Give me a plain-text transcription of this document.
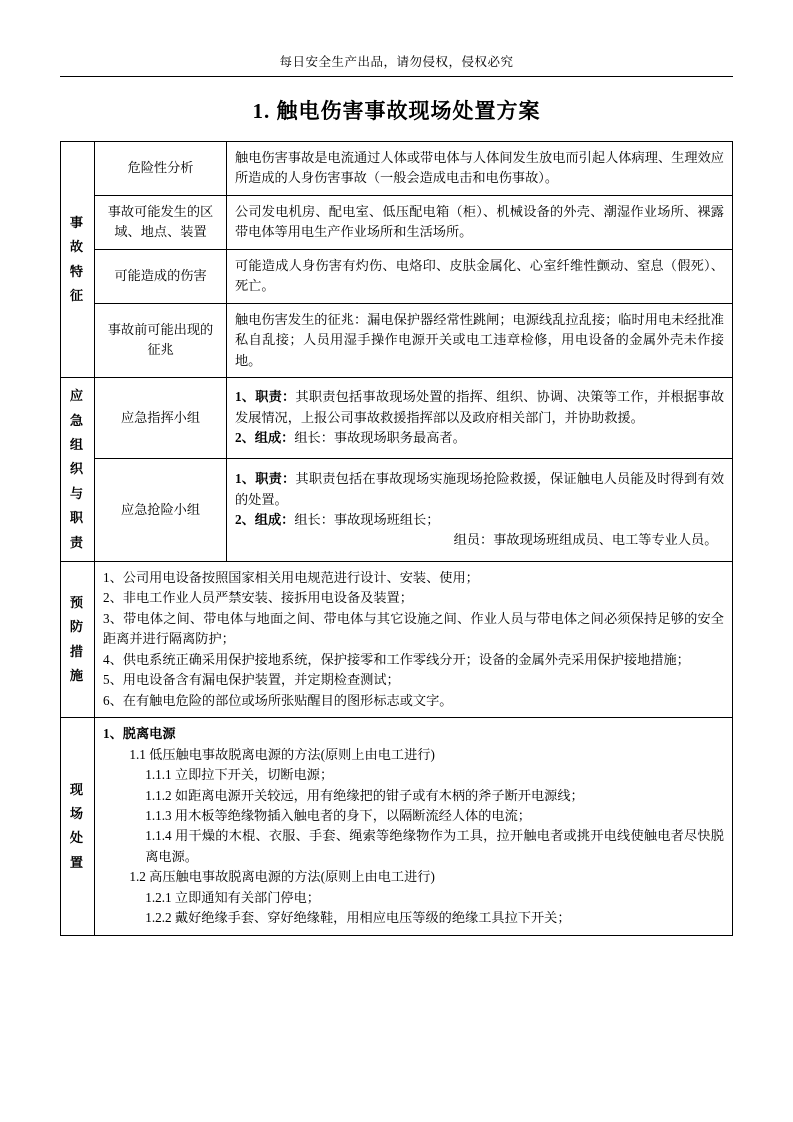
每日安全生产出品，请勿侵权，侵权必究
1. 触电伤害事故现场处置方案
事故特征	危险性分析	触电伤害事故是电流通过人体或带电体与人体间发生放电而引起人体病理、生理效应所造成的人身伤害事故（一般会造成电击和电伤事故）。
	事故可能发生的区域、地点、装置	公司发电机房、配电室、低压配电箱（柜）、机械设备的外壳、潮湿作业场所、裸露带电体等用电生产作业场所和生活场所。
	可能造成的伤害	可能造成人身伤害有灼伤、电烙印、皮肤金属化、心室纤维性颤动、窒息（假死）、死亡。
	事故前可能出现的征兆	触电伤害发生的征兆：漏电保护器经常性跳闸；电源线乱拉乱接；临时用电未经批准私自乱接；人员用湿手操作电源开关或电工违章检修，用电设备的金属外壳未作接地。

应急组织与职责	应急指挥小组	1、职责：其职责包括事故现场处置的指挥、组织、协调、决策等工作，并根据事故发展情况，上报公司事故救援指挥部以及政府相关部门，并协助救援。

2、组成：组长：事故现场职务最高者。

	应急抢险小组	1、职责：其职责包括在事故现场实施现场抢险救援，保证触电人员能及时得到有效的处置。

2、组成：组长：事故现场班组长；

组员：事故现场班组成员、电工等专业人员。

预防措施

1、公司用电设备按照国家相关用电规范进行设计、安装、使用；

2、非电工作业人员严禁安装、接拆用电设备及装置；

3、带电体之间、带电体与地面之间、带电体与其它设施之间、作业人员与带电体之间必须保持足够的安全距离并进行隔离防护；

4、供电系统正确采用保护接地系统，保护接零和工作零线分开；设备的金属外壳采用保护接地措施；

5、用电设备含有漏电保护装置，并定期检查测试；

6、在有触电危险的部位或场所张贴醒目的图形标志或文字。

现场处置

1、脱离电源

1.1 低压触电事故脱离电源的方法(原则上由电工进行)

1.1.1 立即拉下开关，切断电源；

1.1.2 如距离电源开关较远，用有绝缘把的钳子或有木柄的斧子断开电源线；

1.1.3 用木板等绝缘物插入触电者的身下，以隔断流经人体的电流；

1.1.4 用干燥的木棍、衣服、手套、绳索等绝缘物作为工具，拉开触电者或挑开电线使触电者尽快脱离电源。

1.2 高压触电事故脱离电源的方法(原则上由电工进行)

1.2.1 立即通知有关部门停电；

1.2.2 戴好绝缘手套、穿好绝缘鞋，用相应电压等级的绝缘工具拉下开关；
